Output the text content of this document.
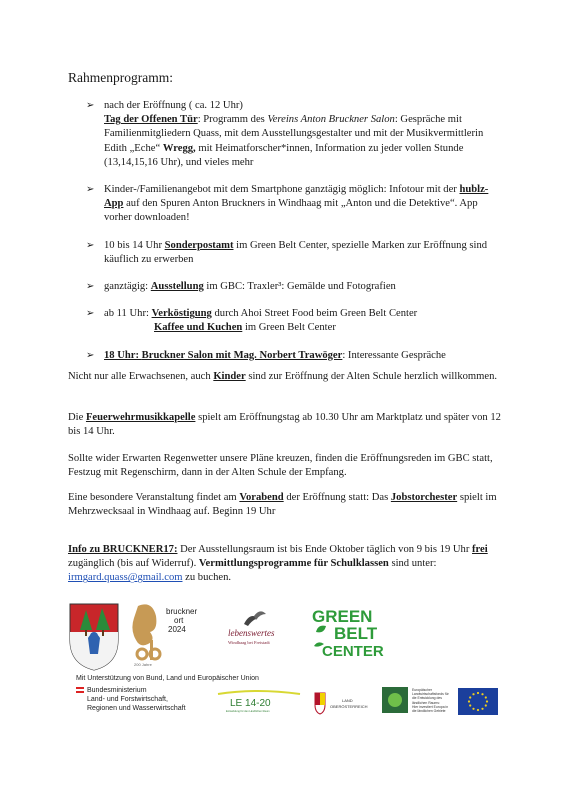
Rahmenprogramm:
➢ nach der Eröffnung ( ca. 12 Uhr)
Tag der Offenen Tür: Programm des Vereins Anton Bruckner Salon: Gespräche mit Familienmitgliedern Quass, mit dem Ausstellungsgestalter und mit der Musikvermittlerin Edith „Eche“ Wregg, mit Heimatforscher*innen, Information zu jeder vollen Stunde (13,14,15,16 Uhr), und vieles mehr
➢ Kinder-/Familienangebot mit dem Smartphone ganztägig möglich: Infotour mit der hublz-App auf den Spuren Anton Bruckners in Windhaag mit „Anton und die Detektive“. App vorher downloaden!
➢ 10 bis 14 Uhr Sonderpostamt im Green Belt Center, spezielle Marken zur Eröffnung sind käuflich zu erwerben
➢ ganztägig: Ausstellung im GBC: Traxler³: Gemälde und Fotografien
➢ ab 11 Uhr: Verköstigung durch Ahoi Street Food beim Green Belt Center
Kaffee und Kuchen im Green Belt Center
➢ 18 Uhr: Bruckner Salon mit Mag. Norbert Trawöger: Interessante Gespräche
Nicht nur alle Erwachsenen, auch Kinder sind zur Eröffnung der Alten Schule herzlich willkommen.
Die Feuerwehrmusikkapelle spielt am Eröffnungstag ab 10.30 Uhr am Marktplatz und später von 12 bis 14 Uhr.
Sollte wider Erwarten Regenwetter unsere Pläne kreuzen, finden die Eröffnungsreden im GBC statt, Festzug mit Regenschirm, dann in der Alten Schule der Empfang.
Eine besondere Veranstaltung findet am Vorabend der Eröffnung statt: Das Jobstorchester spielt im Mehrzwecksaal in Windhaag auf. Beginn 19 Uhr
Info zu BRUCKNER17: Der Ausstellungsraum ist bis Ende Oktober täglich von 9 bis 19 Uhr frei zugänglich (bis auf Widerruf). Vermittlungsprogramme für Schulklassen sind unter: irmgard.quass@gmail.com zu buchen.
bruckner
ort
2024
200 Jahre
lebenswertes
Windhaag bei Freistadt
GREEN
BELT
CENTER
Mit Unterstützung von Bund, Land und Europäischer Union
Bundesministerium
Land- und Forstwirtschaft,
Regionen und Wasserwirtschaft	LE 14-20
Entwicklung für den Ländlichen Raum
LAND
OBERÖSTERREICH
Europäischer
Landwirtschaftsfonds für
die Entwicklung des
ländlichen Raums:
Hier investiert Europa in
die ländlichen Gebiete
